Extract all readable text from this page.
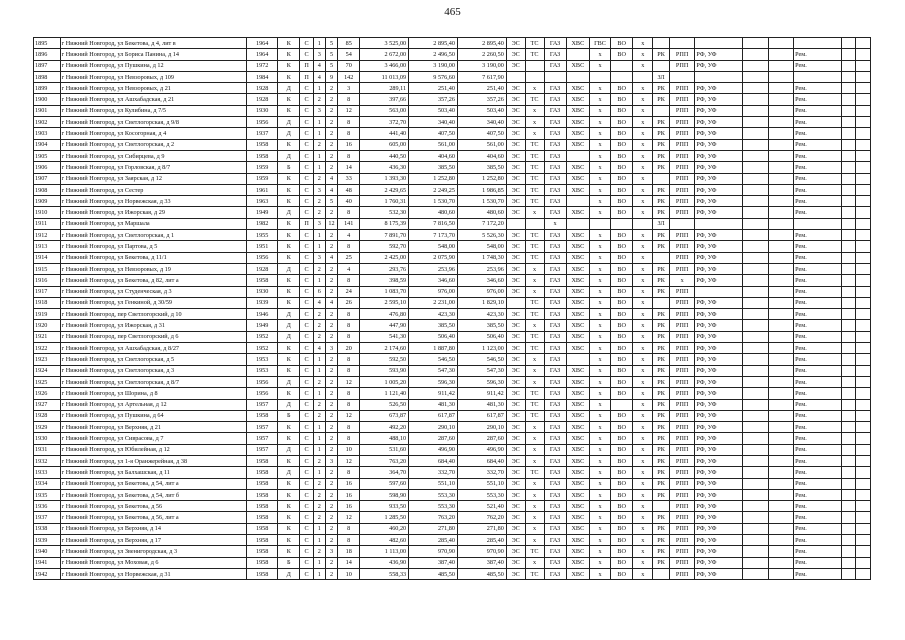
465
1895	г Нижний Новгород, ул Бекетова, д 4, лит в	1964	К	С	1	5	85	3 525,00	2 895,40	2 895,40	ЭС	ТС	ГАЗ	ХВС	ГВС	ВО	х								
1896	г Нижний Новгород, ул Бориса Панина, д 14	1964	К	С	3	5	54	2 672,00	2 496,50	2 260,50	ЭС	ТС	ГАЗ		х	ВО	х	РК	РПП	РФ, УФ			Рем.		
1897	г Нижний Новгород, ул Пушкина, д 12	1972	К	П	4	5	70	3 466,00	3 190,00	3 190,00	ЭС		ГАЗ	ХВС	х		х		РПП	РФ, УФ			Рем.		
1898	г Нижний Новгород, ул Невзоровых, д 109	1984	К	П	4	9	142	11 013,09	9 576,60	7 617,90								ЗЛ							
1899	г Нижний Новгород, ул Невзоровых, д 21	1928	Д	С	1	2	3	289,11	251,40	251,40	ЭС	х	ГАЗ	ХВС	х	ВО	х	РК	РПП	РФ, УФ			Рем.		
1900	г Нижний Новгород, ул Ашхабадская, д 21	1928	К	С	2	2	8	397,66	357,26	357,26	ЭС	ТС	ГАЗ	ХВС	х	ВО	х	РК	РПП	РФ, УФ			Рем.		
1901	г Нижний Новгород, ул Кулибина, д 7/5	1930	К	С	3	2	12	563,00	503,40	503,40	ЭС	х	ГАЗ	ХВС	х	ВО	х		РПП	РФ, УФ			Рем.		
1902	г Нижний Новгород, ул Светлогорская, д 9/8	1956	Д	С	1	2	8	372,70	340,40	340,40	ЭС	х	ГАЗ	ХВС	х	ВО	х	РК	РПП	РФ, УФ			Рем.		
1903	г Нижний Новгород, ул Косогорная, д 4	1937	Д	С	1	2	8	441,40	407,50	407,50	ЭС	х	ГАЗ	ХВС	х	ВО	х	РК	РПП	РФ, УФ			Рем.		
1904	г Нижний Новгород, ул Светлогорская, д 2	1958	К	С	2	2	16	605,00	561,00	561,00	ЭС	ТС	ГАЗ	ХВС	х	ВО	х	РК	РПП	РФ, УФ			Рем.		
1905	г Нижний Новгород, ул Сибирцева, д 9	1958	Д	С	1	2	8	440,50	404,60	404,60	ЭС	ТС	ГАЗ		х	ВО	х	РК	РПП	РФ, УФ			Рем.		
1906	г Нижний Новгород, ул Горловская, д 8/7	1959	Б	С	1	2	14	436,30	385,50	385,50	ЭС	ТС	ГАЗ	ХВС	х	ВО	х	РК	РПП	РФ, УФ			Рем.		
1907	г Нижний Новгород, ул Заярская, д 12	1959	К	С	2	4	33	1 393,30	1 252,80	1 252,80	ЭС	ТС	ГАЗ	ХВС	х	ВО	х		РПП	РФ, УФ			Рем.		
1908	г Нижний Новгород, ул Сестер	1961	К	С	3	4	48	2 429,65	2 249,25	1 986,85	ЭС	ТС	ГАЗ	ХВС	х	ВО	х	РК	РПП	РФ, УФ			Рем.		
1909	г Нижний Новгород, ул Норвежская, д 33	1963	К	С	2	5	40	1 760,31	1 530,70	1 530,70	ЭС	ТС	ГАЗ		х	ВО	х	РК	РПП	РФ, УФ			Рем.		
1910	г Нижний Новгород, ул Ижорская, д 29	1949	Д	С	2	2	8	532,30	480,60	480,60	ЭС	х	ГАЗ	ХВС	х	ВО	х	РК	РПП	РФ, УФ			Рем.		
1911	г Нижний Новгород, ул Маршала	1982	К	П	3	12	141	8 175,39	7 816,50	7 172,20			х					ЗЛ							
1912	г Нижний Новгород, ул Светлогорская, д 1	1955	К	С	1	2	4	7 891,70	7 173,70	5 526,30	ЭС	ТС	ГАЗ	ХВС	х	ВО	х	РК	РПП	РФ, УФ			Рем.		
1913	г Нижний Новгород, ул Партова, д 5	1951	К	С	1	2	8	592,70	548,00	548,00	ЭС	ТС	ГАЗ	ХВС	х	ВО	х	РК	РПП	РФ, УФ			Рем.		
1914	г Нижний Новгород, ул Бекетова, д 11/1	1956	К	С	3	4	25	2 425,00	2 075,90	1 748,30	ЭС	ТС	ГАЗ	ХВС	х	ВО	х		РПП	РФ, УФ			Рем.		
1915	г Нижний Новгород, ул Невзоровых, д 19	1928	Д	С	2	2	4	293,76	253,96	253,96	ЭС	х	ГАЗ	ХВС	х	ВО	х	РК	РПП	РФ, УФ			Рем.		
1916	г Нижний Новгород, ул Бекетова, д 82, лит а	1958	К	С	1	2	8	398,59	346,60	346,60	ЭС	х	ГАЗ	ХВС	х	ВО	х	РК	х	РФ, УФ			Рем.		
1917	г Нижний Новгород, ул Студенческая, д 3	1930	К	С	6	2	24	1 083,70	976,00	976,00	ЭС	х	ГАЗ	ХВС	х	ВО	х	РК	РПП				Рем.		
1918	г Нижний Новгород, ул Генкиной, д 30/59	1939	К	С	4	4	26	2 595,10	2 231,00	1 829,10		ТС	ГАЗ	ХВС	х	ВО	х		РПП	РФ, УФ			Рем.		
1919	г Нижний Новгород, пер Светлогорский, д 10	1946	Д	С	2	2	8	476,80	423,30	423,30	ЭС	ТС	ГАЗ	ХВС	х	ВО	х	РК	РПП	РФ, УФ			Рем.		
1920	г Нижний Новгород, ул Ижорская, д 31	1949	Д	С	2	2	8	447,90	385,50	385,50	ЭС	х	ГАЗ	ХВС	х	ВО	х	РК	РПП	РФ, УФ			Рем.		
1921	г Нижний Новгород, пер Светлогорский, д 6	1952	Д	С	2	2	8	541,30	506,40	506,40	ЭС	ТС	ГАЗ	ХВС	х	ВО	х	РК	РПП	РФ, УФ			Рем.		
1922	г Нижний Новгород, ул Ашхабадская, д 8/27	1952	К	С	4	3	20	2 174,60	1 887,80	1 123,00	ЭС	ТС	ГАЗ	ХВС	х	ВО	х	РК	РПП	РФ, УФ			Рем.		
1923	г Нижний Новгород, ул Светлогорская, д 5	1953	К	С	1	2	8	592,50	546,50	546,50	ЭС	х	ГАЗ		х	ВО	х	РК	РПП	РФ, УФ			Рем.		
1924	г Нижний Новгород, ул Светлогорская, д 3	1953	К	С	1	2	8	593,90	547,30	547,30	ЭС	х	ГАЗ	ХВС	х	ВО	х	РК	РПП	РФ, УФ			Рем.		
1925	г Нижний Новгород, ул Светлогорская, д 8/7	1956	Д	С	2	2	12	1 005,20	596,30	596,30	ЭС	х	ГАЗ	ХВС	х	ВО	х	РК	РПП	РФ, УФ			Рем.		
1926	г Нижний Новгород, ул Шорина, д 8	1956	К	С	1	2	8	1 121,40	911,42	911,42	ЭС	ТС	ГАЗ	ХВС	х	ВО	х	РК	РПП	РФ, УФ			Рем.		
1927	г Нижний Новгород, ул Артельная, д 12	1957	Д	С	2	2	8	526,50	481,30	481,30	ЭС	ТС	ГАЗ	ХВС	х		х	РК	РПП	РФ, УФ			Рем.		
1928	г Нижний Новгород, ул Пушкина, д 64	1958	Б	С	2	2	12	673,87	617,87	617,87	ЭС	ТС	ГАЗ	ХВС	х	ВО	х	РК	РПП	РФ, УФ			Рем.		
1929	г Нижний Новгород, ул Верхняя, д 21	1957	К	С	1	2	8	492,20	290,10	290,10	ЭС	х	ГАЗ	ХВС	х	ВО	х	РК	РПП	РФ, УФ			Рем.		
1930	г Нижний Новгород, ул Сиврасова, д 7	1957	К	С	1	2	8	488,10	287,60	287,60	ЭС	х	ГАЗ	ХВС	х	ВО	х	РК	РПП	РФ, УФ			Рем.		
1931	г Нижний Новгород, ул Юбилейная, д 12	1957	Д	С	1	2	10	531,60	496,90	496,90	ЭС	х	ГАЗ	ХВС	х	ВО	х	РК	РПП	РФ, УФ			Рем.		
1932	г Нижний Новгород, ул 1-я Оранжерейная, д 38	1958	К	С	2	3	12	763,20	684,40	684,40	ЭС	х	ГАЗ	ХВС	х	ВО	х	РК	РПП	РФ, УФ			Рем.		
1933	г Нижний Новгород, ул Балхашская, д 11	1958	Д	С	1	2	8	364,70	332,70	332,70	ЭС	ТС	ГАЗ	ХВС	х	ВО	х	РК	РПП	РФ, УФ			Рем.		
1934	г Нижний Новгород, ул Бекетова, д 54, лит а	1958	К	С	2	2	16	597,60	551,10	551,10	ЭС	х	ГАЗ	ХВС	х	ВО	х	РК	РПП	РФ, УФ			Рем.		
1935	г Нижний Новгород, ул Бекетова, д 54, лит б	1958	К	С	2	2	16	598,90	553,30	553,30	ЭС	х	ГАЗ	ХВС	х	ВО	х	РК	РПП	РФ, УФ			Рем.		
1936	г Нижний Новгород, ул Бекетова, д 56	1958	К	С	2	2	16	933,50	553,30	521,40	ЭС	х	ГАЗ	ХВС	х	ВО	х		РПП	РФ, УФ			Рем.		
1937	г Нижний Новгород, ул Бекетова, д 56, лит а	1958	К	С	2	2	12	1 285,50	763,20	762,20	ЭС	х	ГАЗ	ХВС	х	ВО	х	РК	РПП	РФ, УФ			Рем.		
1938	г Нижний Новгород, ул Верхняя, д 14	1958	К	С	1	2	8	460,20	271,80	271,80	ЭС	х	ГАЗ	ХВС	х	ВО	х	РК	РПП	РФ, УФ			Рем.		
1939	г Нижний Новгород, ул Верхняя, д 17	1958	К	С	1	2	8	482,60	285,40	285,40	ЭС	х	ГАЗ	ХВС	х	ВО	х	РК	РПП	РФ, УФ			Рем.		
1940	г Нижний Новгород, ул Звенигородская, д 3	1958	К	С	2	3	18	1 113,00	970,90	970,90	ЭС	ТС	ГАЗ	ХВС	х	ВО	х	РК	РПП	РФ, УФ			Рем.		
1941	г Нижний Новгород, ул Моховая, д 6	1958	Б	С	1	2	14	436,90	387,40	387,40	ЭС	х	ГАЗ	ХВС	х	ВО	х	РК	РПП	РФ, УФ			Рем.		
1942	г Нижний Новгород, ул Норвежская, д 31	1958	Д	С	1	2	10	558,33	485,50	485,50	ЭС	ТС	ГАЗ	ХВС	х	ВО	х		РПП	РФ, УФ			Рем.		
